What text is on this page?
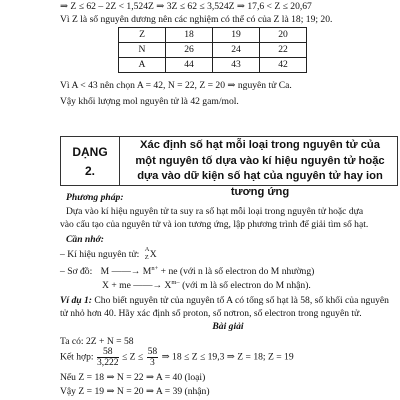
⇒ Z ≤ 62 – 2Z < 1,524Z ⇒ 3Z ≤ 62 ≤ 3,524Z ⇒ 17,6 < Z ≤ 20,67
Vì Z là số nguyên dương nên các nghiệm có thể có của Z là 18; 19; 20.
Z	18	19	20
N	26	24	22
A	44	43	42
Vì A < 43 nên chọn A = 42, N = 22, Z = 20 ⇒ nguyên tử Ca.
Vậy khối lượng mol nguyên tử là 42 gam/mol.
DẠNG
2.
Xác định số hạt mỗi loại trong nguyên tử của
một nguyên tố dựa vào kí hiệu nguyên tử hoặc
dựa vào dữ kiện số hạt của nguyên tử hay ion
tương ứng
Phương pháp:
Dựa vào kí hiệu nguyên tử ta suy ra số hạt mỗi loại trong nguyên tử hoặc dựa
vào cấu tạo của nguyên tử và ion tương ứng, lập phương trình để giải tìm số hạt.
Cần nhớ:
– Kí hiệu nguyên tử: A
Z X
– Sơ đồ: M ——→ $M^{n+}$ + ne (với n là số electron do M nhường)
X + me ——→ $X^{m-}$ (với m là số electron do M nhận).
Ví dụ 1: Cho biết nguyên tử của nguyên tố A có tổng số hạt là 58, số khối của nguyên
tử nhỏ hơn 40. Hãy xác định số proton, số nơtron, số electron trong nguyên tử.
Bài giải
Ta có: 2Z + N = 58
Kết hợp: $\frac{58}{3,222} \le Z \le \frac{58}{3}$ ⇒ 18 ≤ Z ≤ 19,3 ⇒ Z = 18; Z = 19
Nếu Z = 18 ⇒ N = 22 ⇒ A = 40 (loại)
Vậy Z = 19 ⇒ N = 20 ⇒ A = 39 (nhận)
